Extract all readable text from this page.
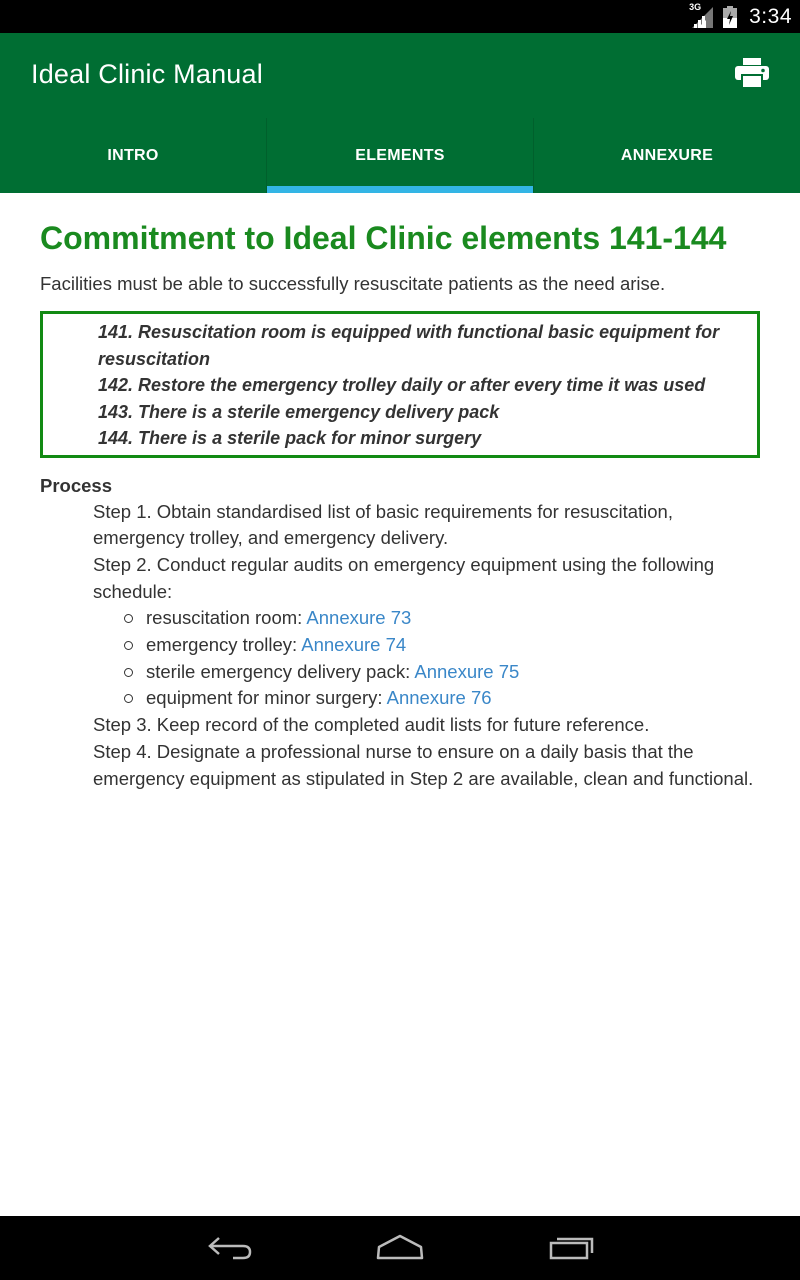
3G 3:34
Ideal Clinic Manual
INTRO	ELEMENTS	ANNEXURE
Commitment to Ideal Clinic elements 141-144

Facilities must be able to successfully resuscitate patients as the need arise.

141. Resuscitation room is equipped with functional basic equipment for resuscitation
142. Restore the emergency trolley daily or after every time it was used
143. There is a sterile emergency delivery pack
144. There is a sterile pack for minor surgery
Process
Step 1. Obtain standardised list of basic requirements for resuscitation, emergency trolley, and emergency delivery.
Step 2. Conduct regular audits on emergency equipment using the following schedule:
resuscitation room: Annexure 73
emergency trolley: Annexure 74
sterile emergency delivery pack: Annexure 75
equipment for minor surgery: Annexure 76
Step 3. Keep record of the completed audit lists for future reference.
Step 4. Designate a professional nurse to ensure on a daily basis that the emergency equipment as stipulated in Step 2 are available, clean and functional.
